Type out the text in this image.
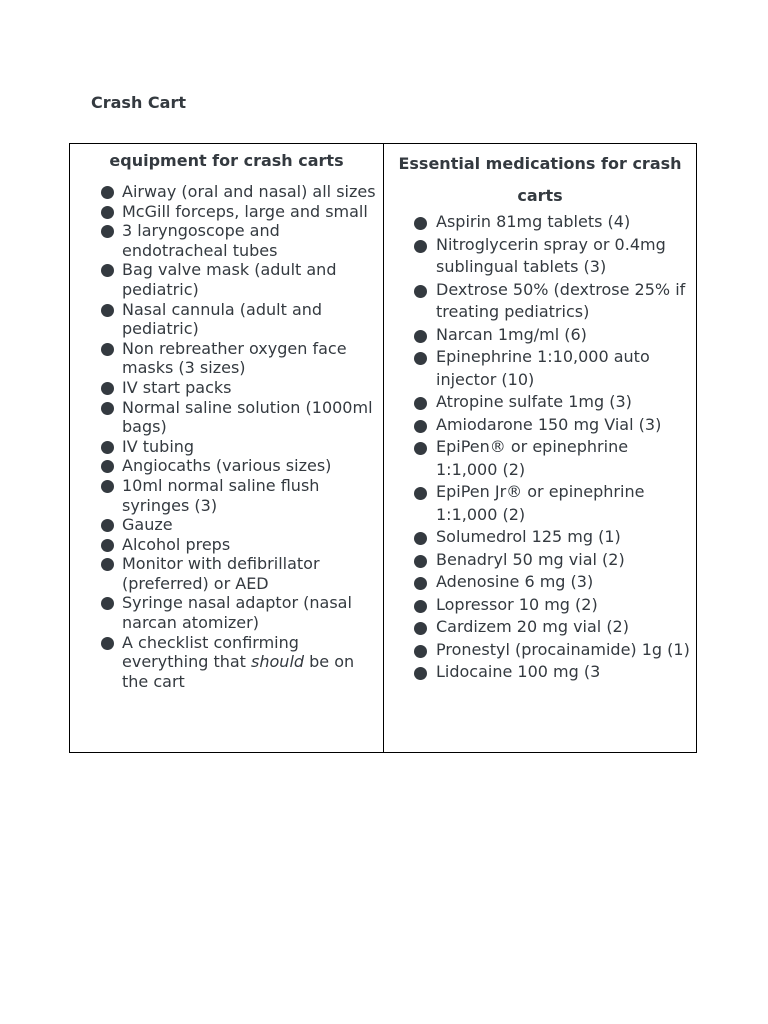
Crash Cart

equipment for crash carts

Airway (oral and nasal) all sizes
McGill forceps, large and small
3 laryngoscope and endotracheal tubes
Bag valve mask (adult and pediatric)
Nasal cannula (adult and pediatric)
Non rebreather oxygen face masks (3 sizes)
IV start packs
Normal saline solution (1000ml bags)
IV tubing
Angiocaths (various sizes)
10ml normal saline flush syringes (3)
Gauze
Alcohol preps
Monitor with defibrillator (preferred) or AED
Syringe nasal adaptor (nasal narcan atomizer)
A checklist confirming everything that should be on the cart

Essential medications for crash carts

Aspirin 81mg tablets (4)
Nitroglycerin spray or 0.4mg sublingual tablets (3)
Dextrose 50% (dextrose 25% if treating pediatrics)
Narcan 1mg/ml (6)
Epinephrine 1:10,000 auto injector (10)
Atropine sulfate 1mg (3)
Amiodarone 150 mg Vial (3)
EpiPen® or epinephrine 1:1,000 (2)
EpiPen Jr® or epinephrine 1:1,000 (2)
Solumedrol 125 mg (1)
Benadryl 50 mg vial (2)
Adenosine 6 mg (3)
Lopressor 10 mg (2)
Cardizem 20 mg vial (2)
Pronestyl (procainamide) 1g (1)
Lidocaine 100 mg (3
